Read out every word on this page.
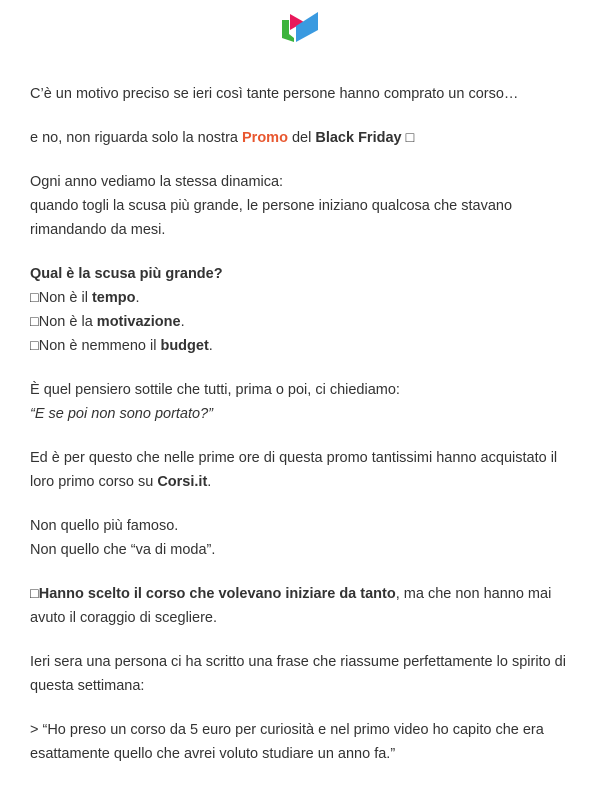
C’è un motivo preciso se ieri così tante persone hanno comprato un corso…

e no, non riguarda solo la nostra Promo del Black Friday □

Ogni anno vediamo la stessa dinamica:
quando togli la scusa più grande, le persone iniziano qualcosa che stavano rimandando da mesi.

Qual è la scusa più grande?
□Non è il tempo.
□Non è la motivazione.
□Non è nemmeno il budget.

È quel pensiero sottile che tutti, prima o poi, ci chiediamo:
“E se poi non sono portato?”

Ed è per questo che nelle prime ore di questa promo tantissimi hanno acquistato il loro primo corso su Corsi.it.

Non quello più famoso.
Non quello che “va di moda”.

□Hanno scelto il corso che volevano iniziare da tanto, ma che non hanno mai avuto il coraggio di scegliere.

Ieri sera una persona ci ha scritto una frase che riassume perfettamente lo spirito di questa settimana:

> “Ho preso un corso da 5 euro per curiosità e nel primo video ho capito che era esattamente quello che avrei voluto studiare un anno fa.”
